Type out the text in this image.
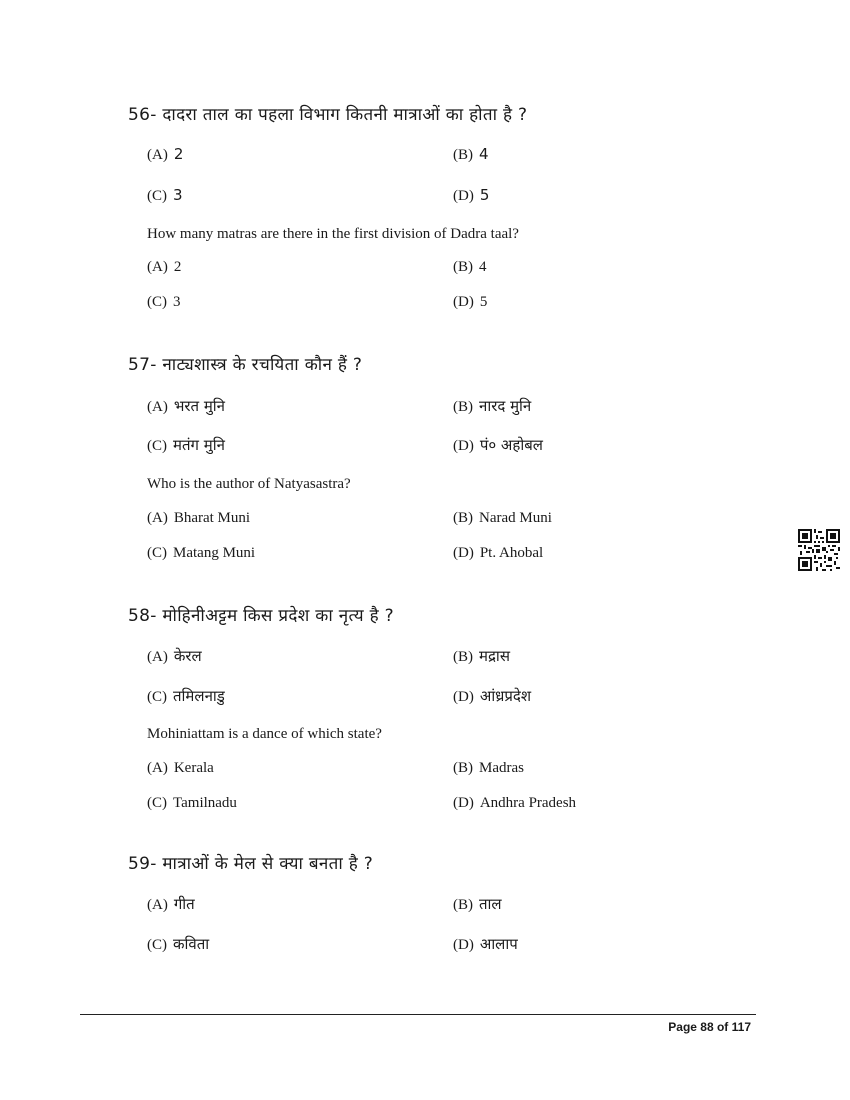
56- दादरा ताल का पहला विभाग कितनी मात्राओं का होता है ?
(A) 2	(B) 4
(C) 3	(D) 5
How many matras are there in the first division of Dadra taal?
(A) 2	(B) 4
(C) 3	(D) 5
57- नाट्यशास्त्र के रचयिता कौन हैं ?
(A) भरत मुनि	(B) नारद मुनि
(C) मतंग मुनि	(D) पं० अहोबल
Who is the author of Natyasastra?
(A) Bharat Muni	(B) Narad Muni
(C) Matang Muni	(D) Pt. Ahobal
58- मोहिनीअट्टम किस प्रदेश का नृत्य है ?
(A) केरल	(B) मद्रास
(C) तमिलनाडु	(D) आंध्रप्रदेश
Mohiniattam is a dance of which state?
(A) Kerala	(B) Madras
(C) Tamilnadu	(D) Andhra Pradesh
59- मात्राओं के मेल से क्या बनता है ?
(A) गीत	(B) ताल
(C) कविता	(D) आलाप
Page 88 of 117
